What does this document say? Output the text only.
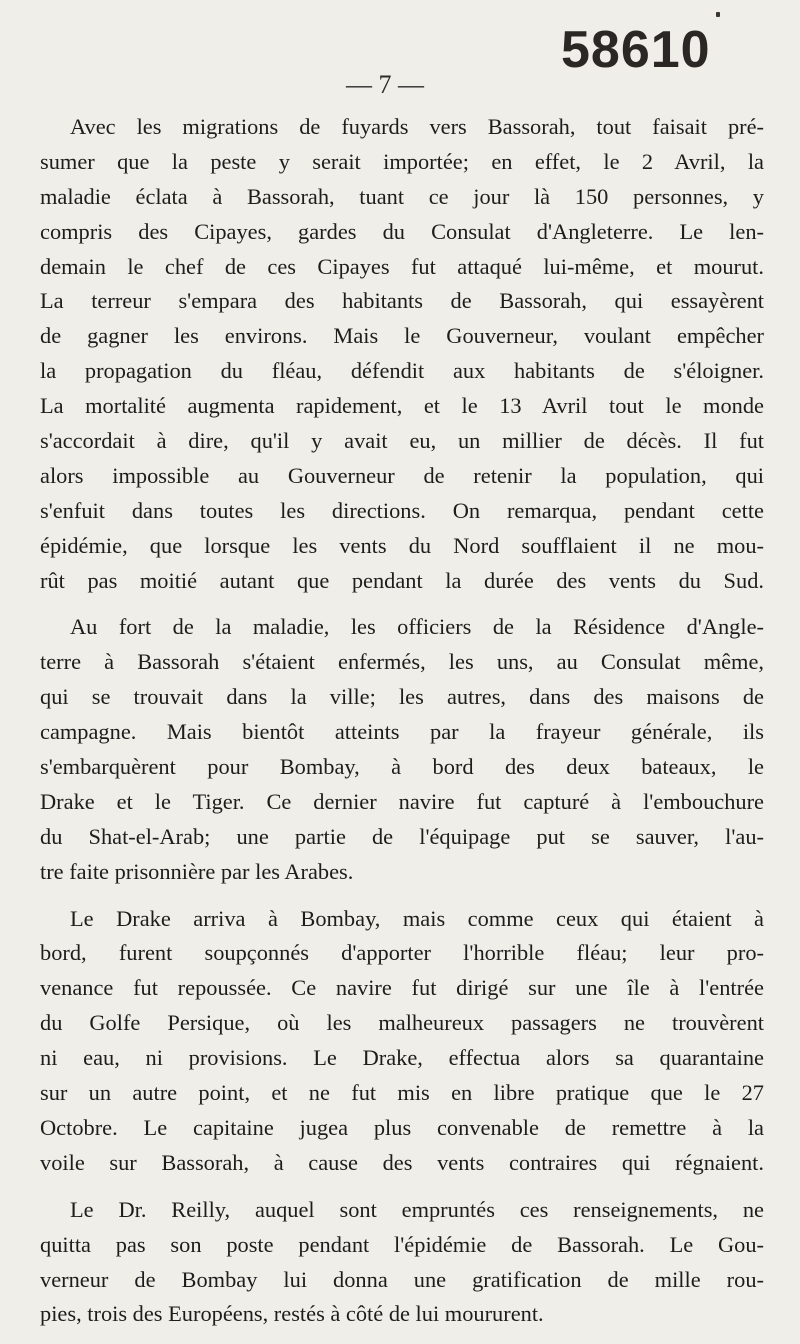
58610
— 7 —
Avec les migrations de fuyards vers Bassorah, tout faisait pré-
sumer que la peste y serait importée; en effet, le 2 Avril, la
maladie éclata à Bassorah, tuant ce jour là 150 personnes, y
compris des Cipayes, gardes du Consulat d'Angleterre. Le len-
demain le chef de ces Cipayes fut attaqué lui-même, et mourut.
La terreur s'empara des habitants de Bassorah, qui essayèrent
de gagner les environs. Mais le Gouverneur, voulant empêcher
la propagation du fléau, défendit aux habitants de s'éloigner.
La mortalité augmenta rapidement, et le 13 Avril tout le monde
s'accordait à dire, qu'il y avait eu, un millier de décès. Il fut
alors impossible au Gouverneur de retenir la population, qui
s'enfuit dans toutes les directions. On remarqua, pendant cette
épidémie, que lorsque les vents du Nord soufflaient il ne mou-
rût pas moitié autant que pendant la durée des vents du Sud.
Au fort de la maladie, les officiers de la Résidence d'Angle-
terre à Bassorah s'étaient enfermés, les uns, au Consulat même,
qui se trouvait dans la ville; les autres, dans des maisons de
campagne. Mais bientôt atteints par la frayeur générale, ils
s'embarquèrent pour Bombay, à bord des deux bateaux, le
Drake et le Tiger. Ce dernier navire fut capturé à l'embouchure
du Shat-el-Arab; une partie de l'équipage put se sauver, l'au-
tre faite prisonnière par les Arabes.
Le Drake arriva à Bombay, mais comme ceux qui étaient à
bord, furent soupçonnés d'apporter l'horrible fléau; leur pro-
venance fut repoussée. Ce navire fut dirigé sur une île à l'entrée
du Golfe Persique, où les malheureux passagers ne trouvèrent
ni eau, ni provisions. Le Drake, effectua alors sa quarantaine
sur un autre point, et ne fut mis en libre pratique que le 27
Octobre. Le capitaine jugea plus convenable de remettre à la
voile sur Bassorah, à cause des vents contraires qui régnaient.
Le Dr. Reilly, auquel sont empruntés ces renseignements, ne
quitta pas son poste pendant l'épidémie de Bassorah. Le Gou-
verneur de Bombay lui donna une gratification de mille rou-
pies, trois des Européens, restés à côté de lui moururent.
